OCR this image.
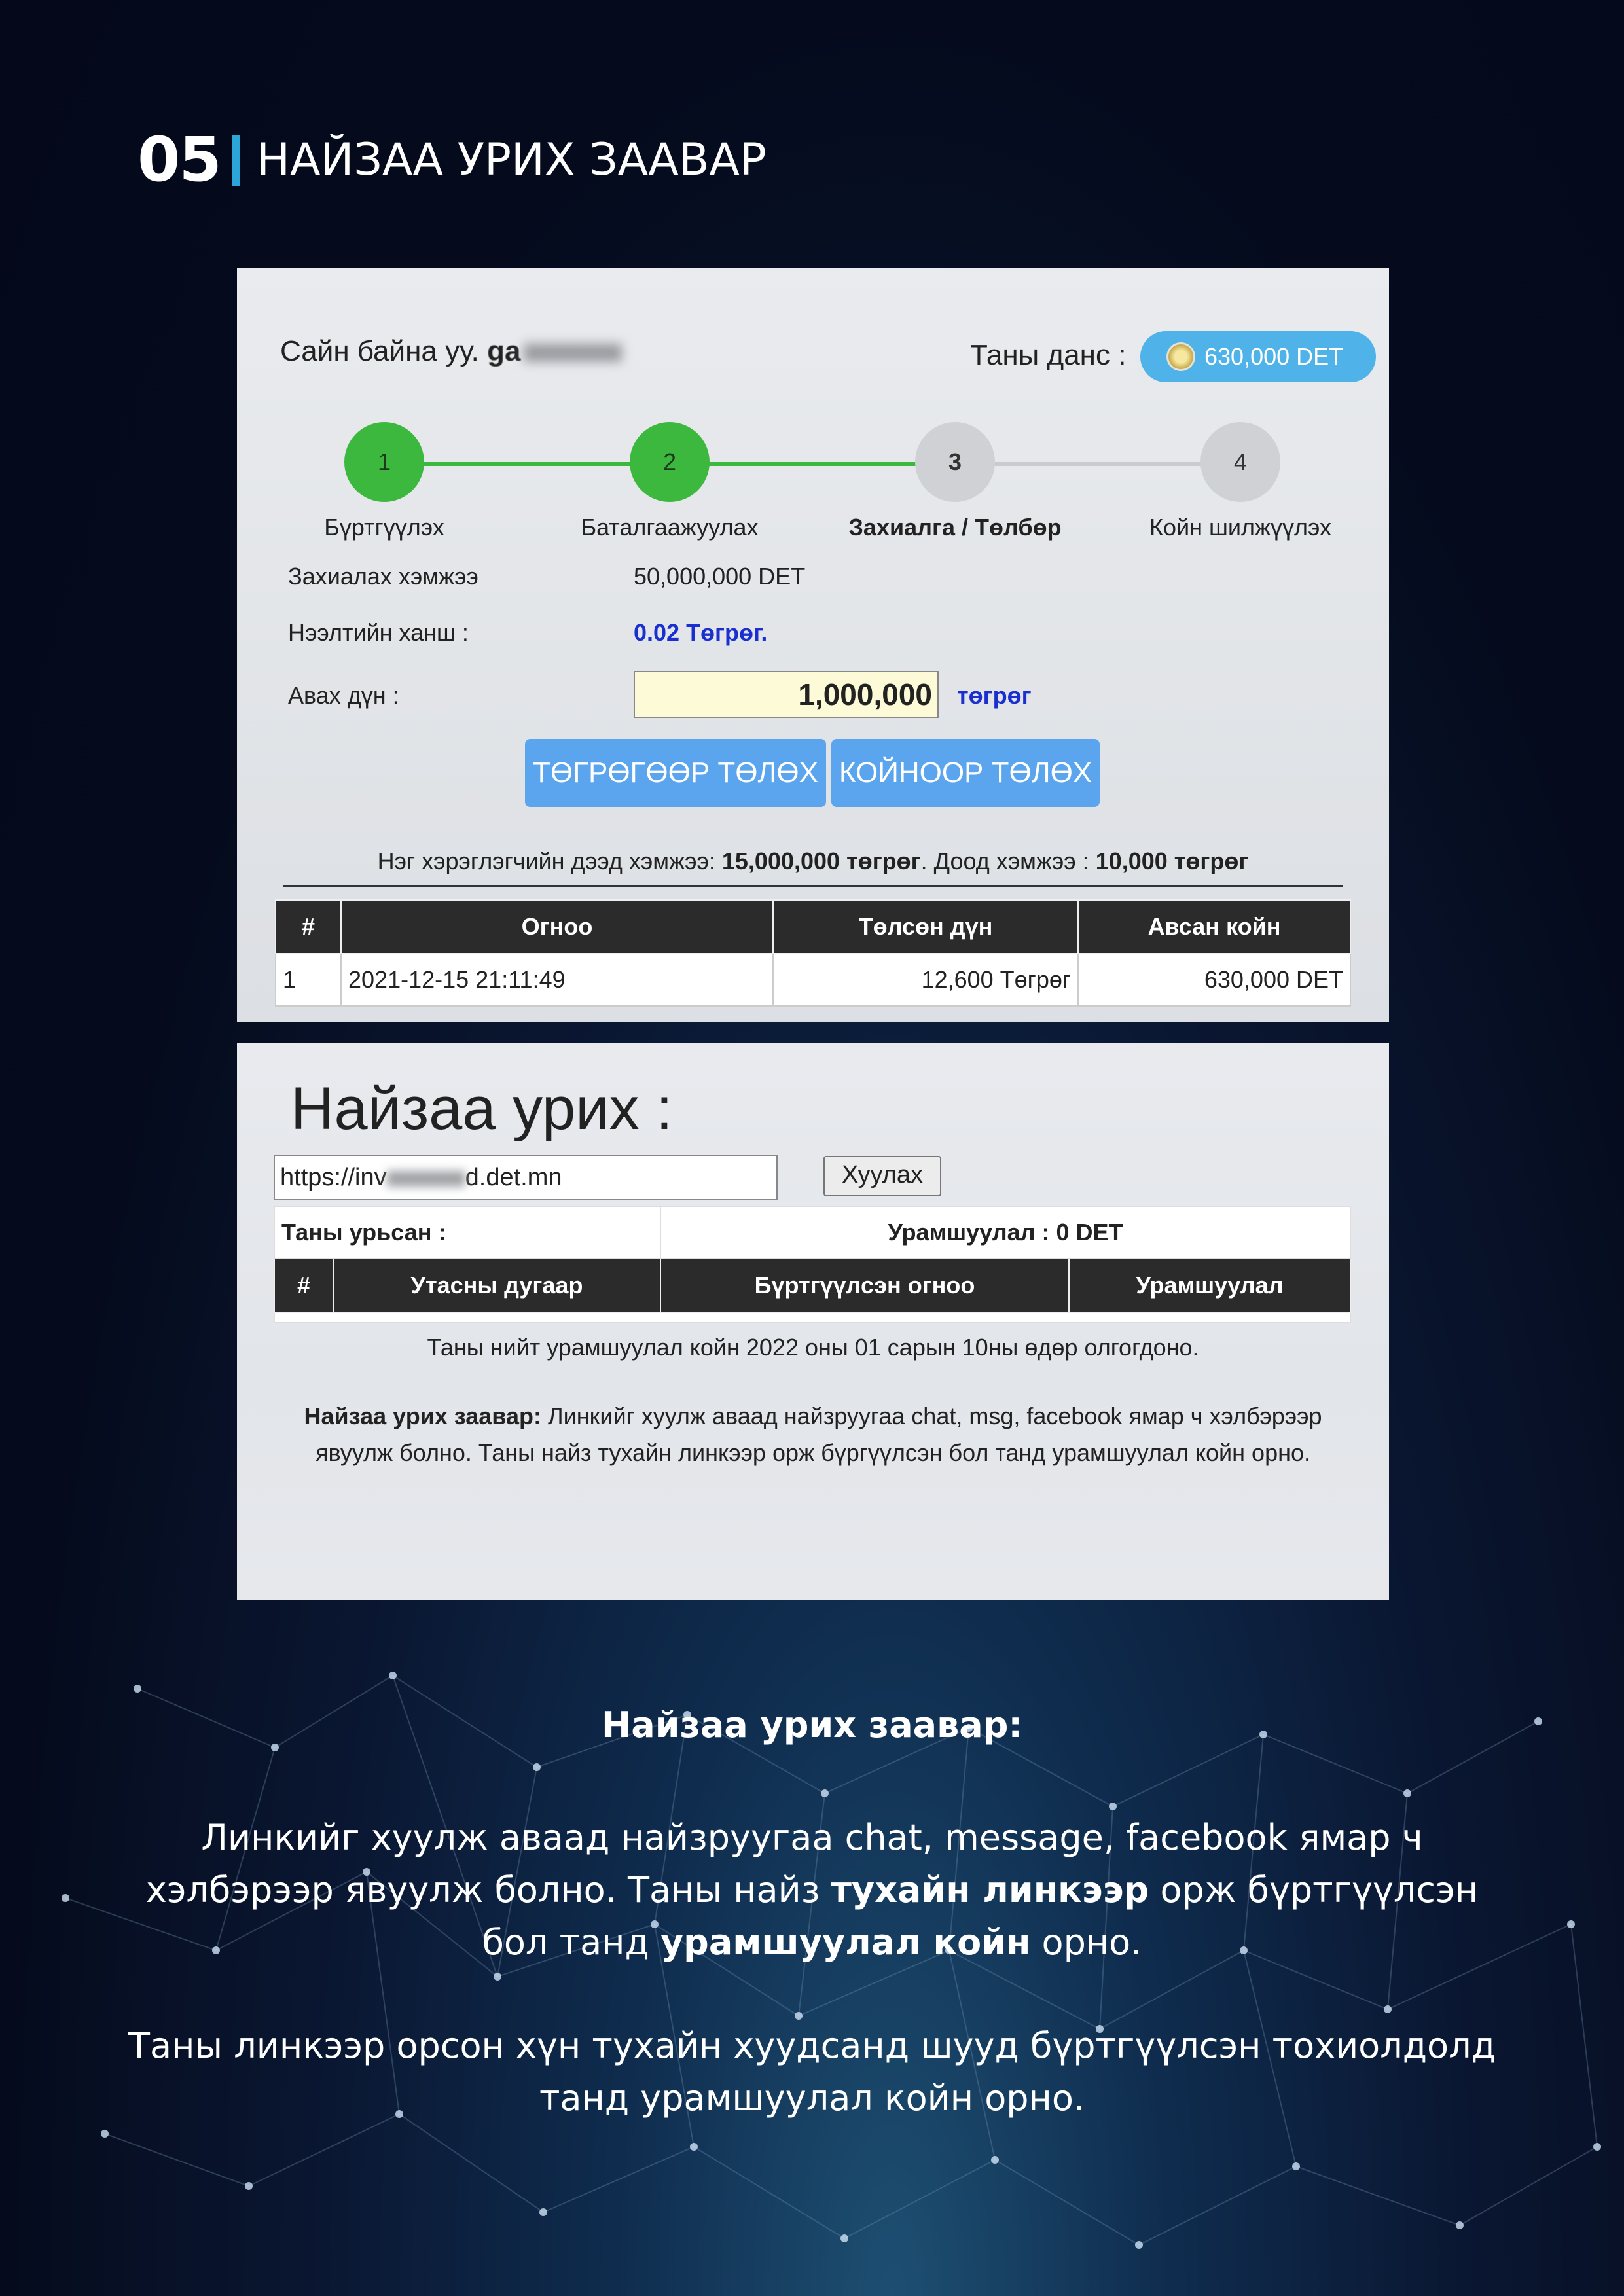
05 НАЙЗАА УРИХ ЗААВАР
Сайн байна уу. ga	Таны данс :	630,000 DET
1	2	3	4
Бүртгүүлэх	Баталгаажуулах	Захиалга / Төлбөр	Койн шилжүүлэх
Захиалах хэмжээ	50,000,000 DET
Нээлтийн ханш :	0.02 Төгрөг.
Авах дүн :	1,000,000 төгрөг
ТӨГРӨГӨӨР ТӨЛӨХ КОЙНООР ТӨЛӨХ
Нэг хэрэглэгчийн дээд хэмжээ: 15,000,000 төгрөг. Доод хэмжээ : 10,000 төгрөг
#	Огноо	Төлсөн дүн	Авсан койн
1	2021-12-15 21:11:49	12,600 Төгрөг	630,000 DET
Найзаа урих :
https://inv	d.det.mn	Хуулах
Таны урьсан :		Урамшуулал : 0 DET	
#	Утасны дугаар	Бүртгүүлсэн огноо	Урамшуулал

Таны нийт урамшуулал койн 2022 оны 01 сарын 10ны өдөр олгогдоно.
Найзаа урих заавар: Линкийг хуулж аваад найзруугаа chat, msg, facebook ямар ч хэлбэрээр
явуулж болно. Таны найз тухайн линкээр орж бүргүүлсэн бол танд урамшуулал койн орно.
Найзаа урих заавар:
Линкийг хуулж аваад найзруугаа chat, message, facebook ямар ч хэлбэрээр явуулж болно. Таны найз тухайн линкээр орж бүртгүүлсэн бол танд урамшуулал койн орно.
Таны линкээр орсон хүн тухайн хуудсанд шууд бүртгүүлсэн тохиолдолд танд урамшуулал койн орно.
